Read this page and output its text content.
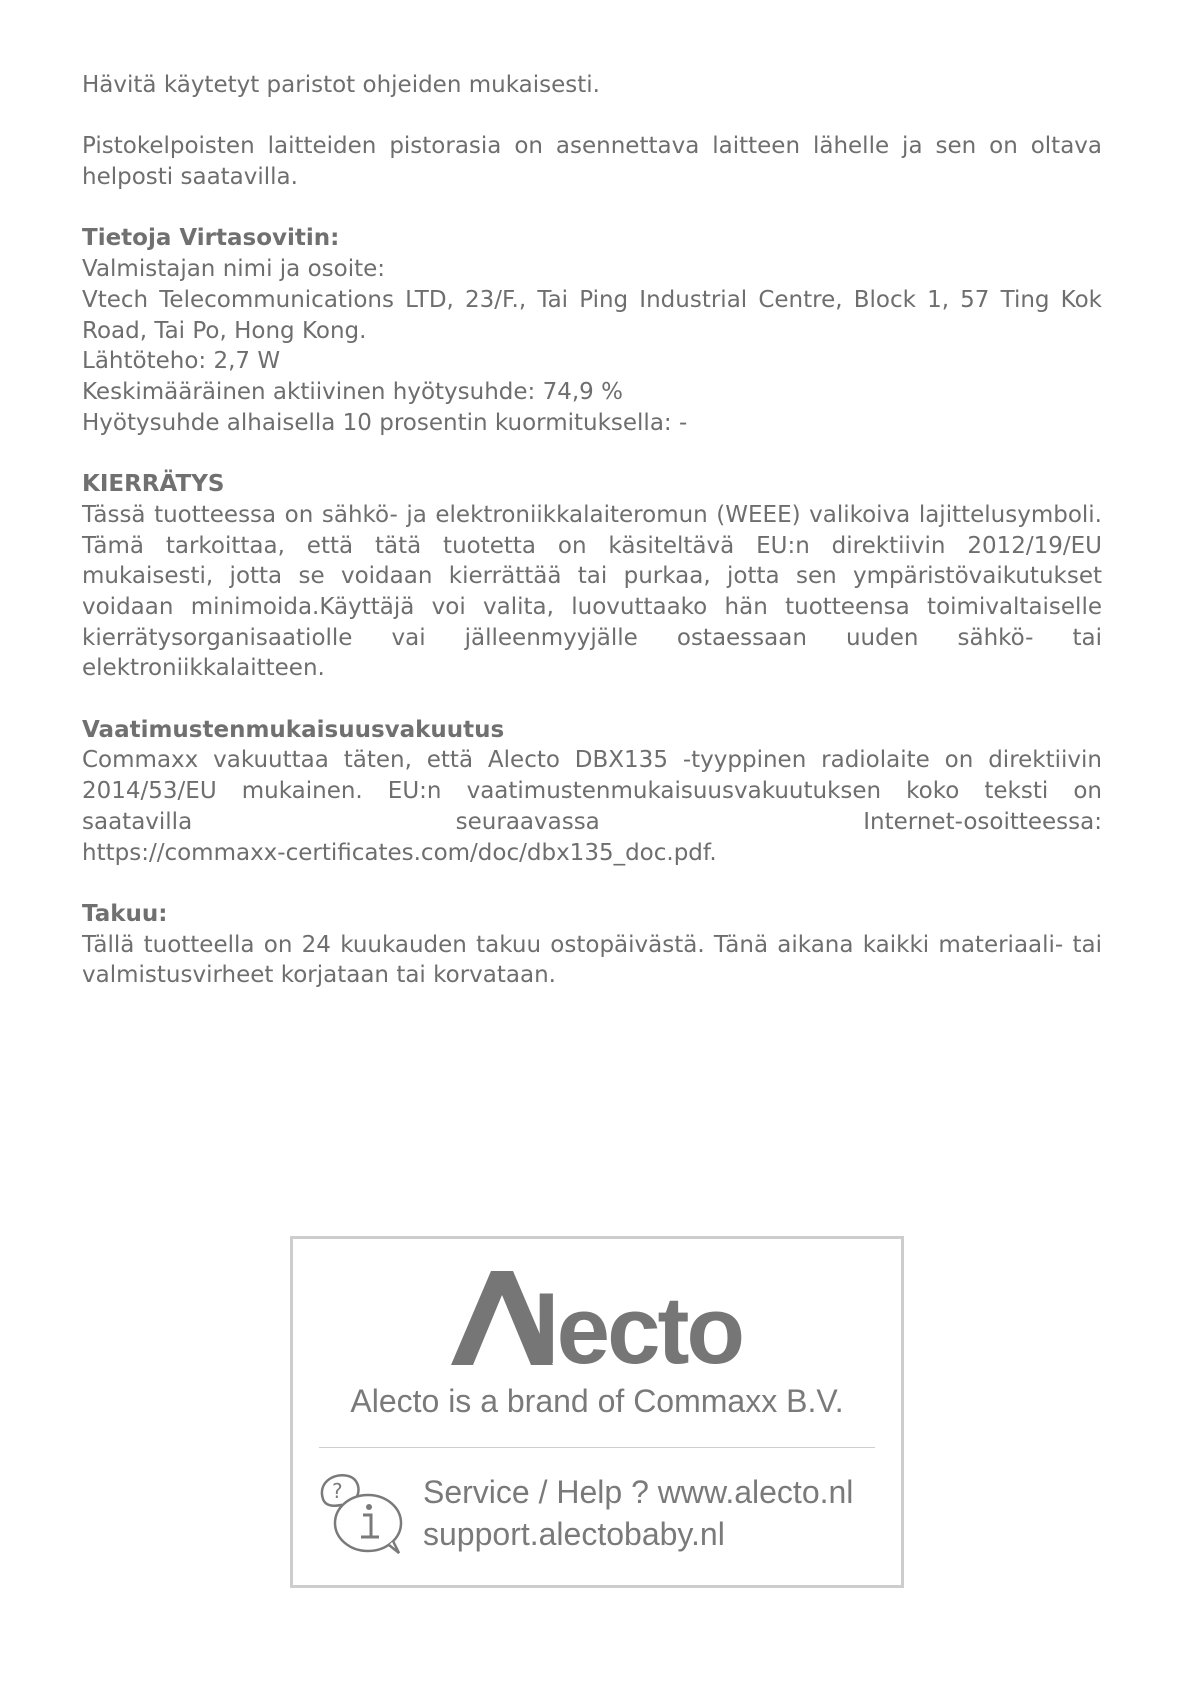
Hävitä käytetyt paristot ohjeiden mukaisesti.

Pistokelpoisten laitteiden pistorasia on asennettava laitteen lähelle ja sen on oltava helposti saatavilla.

Tietoja Virtasovitin:

Valmistajan nimi ja osoite:

Vtech Telecommunications LTD, 23/F., Tai Ping Industrial Centre, Block 1, 57 Ting Kok Road, Tai Po, Hong Kong.

Lähtöteho: 2,7 W

Keskimääräinen aktiivinen hyötysuhde: 74,9 %

Hyötysuhde alhaisella 10 prosentin kuormituksella: -

KIERRÄTYS

Tässä tuotteessa on sähkö- ja elektroniikkalaiteromun (WEEE) valikoiva lajittelusymboli. Tämä tarkoittaa, että tätä tuotetta on käsiteltävä EU:n direktiivin 2012/19/EU mukaisesti, jotta se voidaan kierrättää tai purkaa, jotta sen ympäristövaikutukset voidaan minimoida.Käyttäjä voi valita, luovuttaako hän tuotteensa toimivaltaiselle kierrätysorganisaatiolle vai jälleenmyyjälle ostaessaan uuden sähkö- tai elektroniikkalaitteen.

Vaatimustenmukaisuusvakuutus

Commaxx vakuuttaa täten, että Alecto DBX135 -tyyppinen radiolaite on direktiivin 2014/53/EU mukainen. EU:n vaatimustenmukaisuusvakuutuksen koko teksti on

saatavilla	seuraavassa	Internet-osoitteessa:

https://commaxx-certificates.com/doc/dbx135_doc.pdf.

Takuu:

Tällä tuotteella on 24 kuukauden takuu ostopäivästä. Tänä aikana kaikki materiaali- tai valmistusvirheet korjataan tai korvataan.

lecto
Alecto is a brand of Commaxx B.V.
?	Service / Help ? www.alecto.nl
support.alectobaby.nl
